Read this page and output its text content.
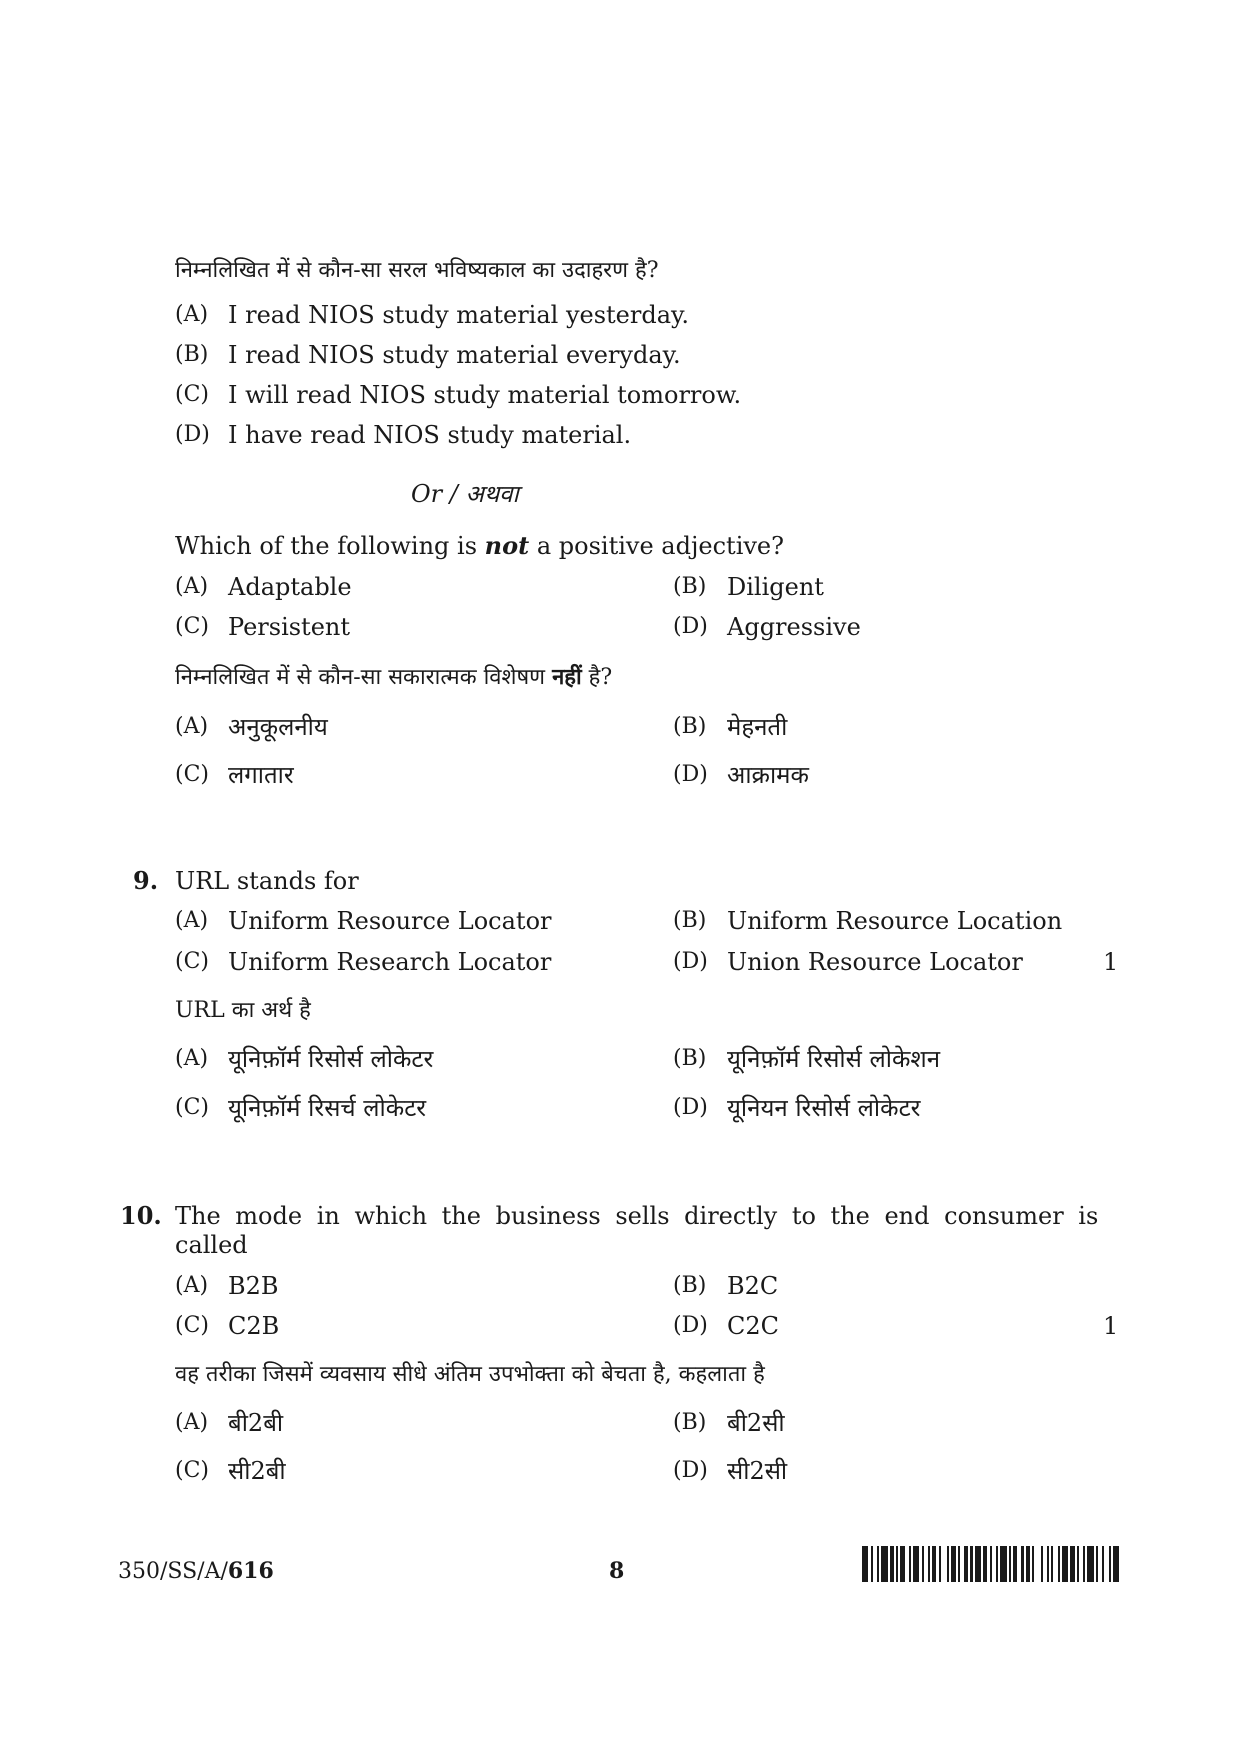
निम्नलिखित में से कौन-सा सरल भविष्यकाल का उदाहरण है?
(A) I read NIOS study material yesterday.
(B) I read NIOS study material everyday.
(C) I will read NIOS study material tomorrow.
(D) I have read NIOS study material.
Or / अथवा
Which of the following is not a positive adjective?
(A) Adaptable	(B) Diligent
(C) Persistent	(D) Aggressive
निम्नलिखित में से कौन-सा सकारात्मक विशेषण नहीं है?
(A) अनुकूलनीय	(B) मेहनती
(C) लगातार	(D) आक्रामक
9. URL stands for
(A) Uniform Resource Locator	(B) Uniform Resource Location
(C) Uniform Research Locator	(D) Union Resource Locator	1
URL का अर्थ है
(A) यूनिफ़ॉर्म रिसोर्स लोकेटर	(B) यूनिफ़ॉर्म रिसोर्स लोकेशन
(C) यूनिफ़ॉर्म रिसर्च लोकेटर	(D) यूनियन रिसोर्स लोकेटर
10. The mode in which the business sells directly to the end consumer is
called
(A) B2B	(B) B2C
(C) C2B	(D) C2C	1
वह तरीका जिसमें व्यवसाय सीधे अंतिम उपभोक्ता को बेचता है, कहलाता है
(A) बी2बी	(B) बी2सी
(C) सी2बी	(D) सी2सी
350/SS/A/616	8
